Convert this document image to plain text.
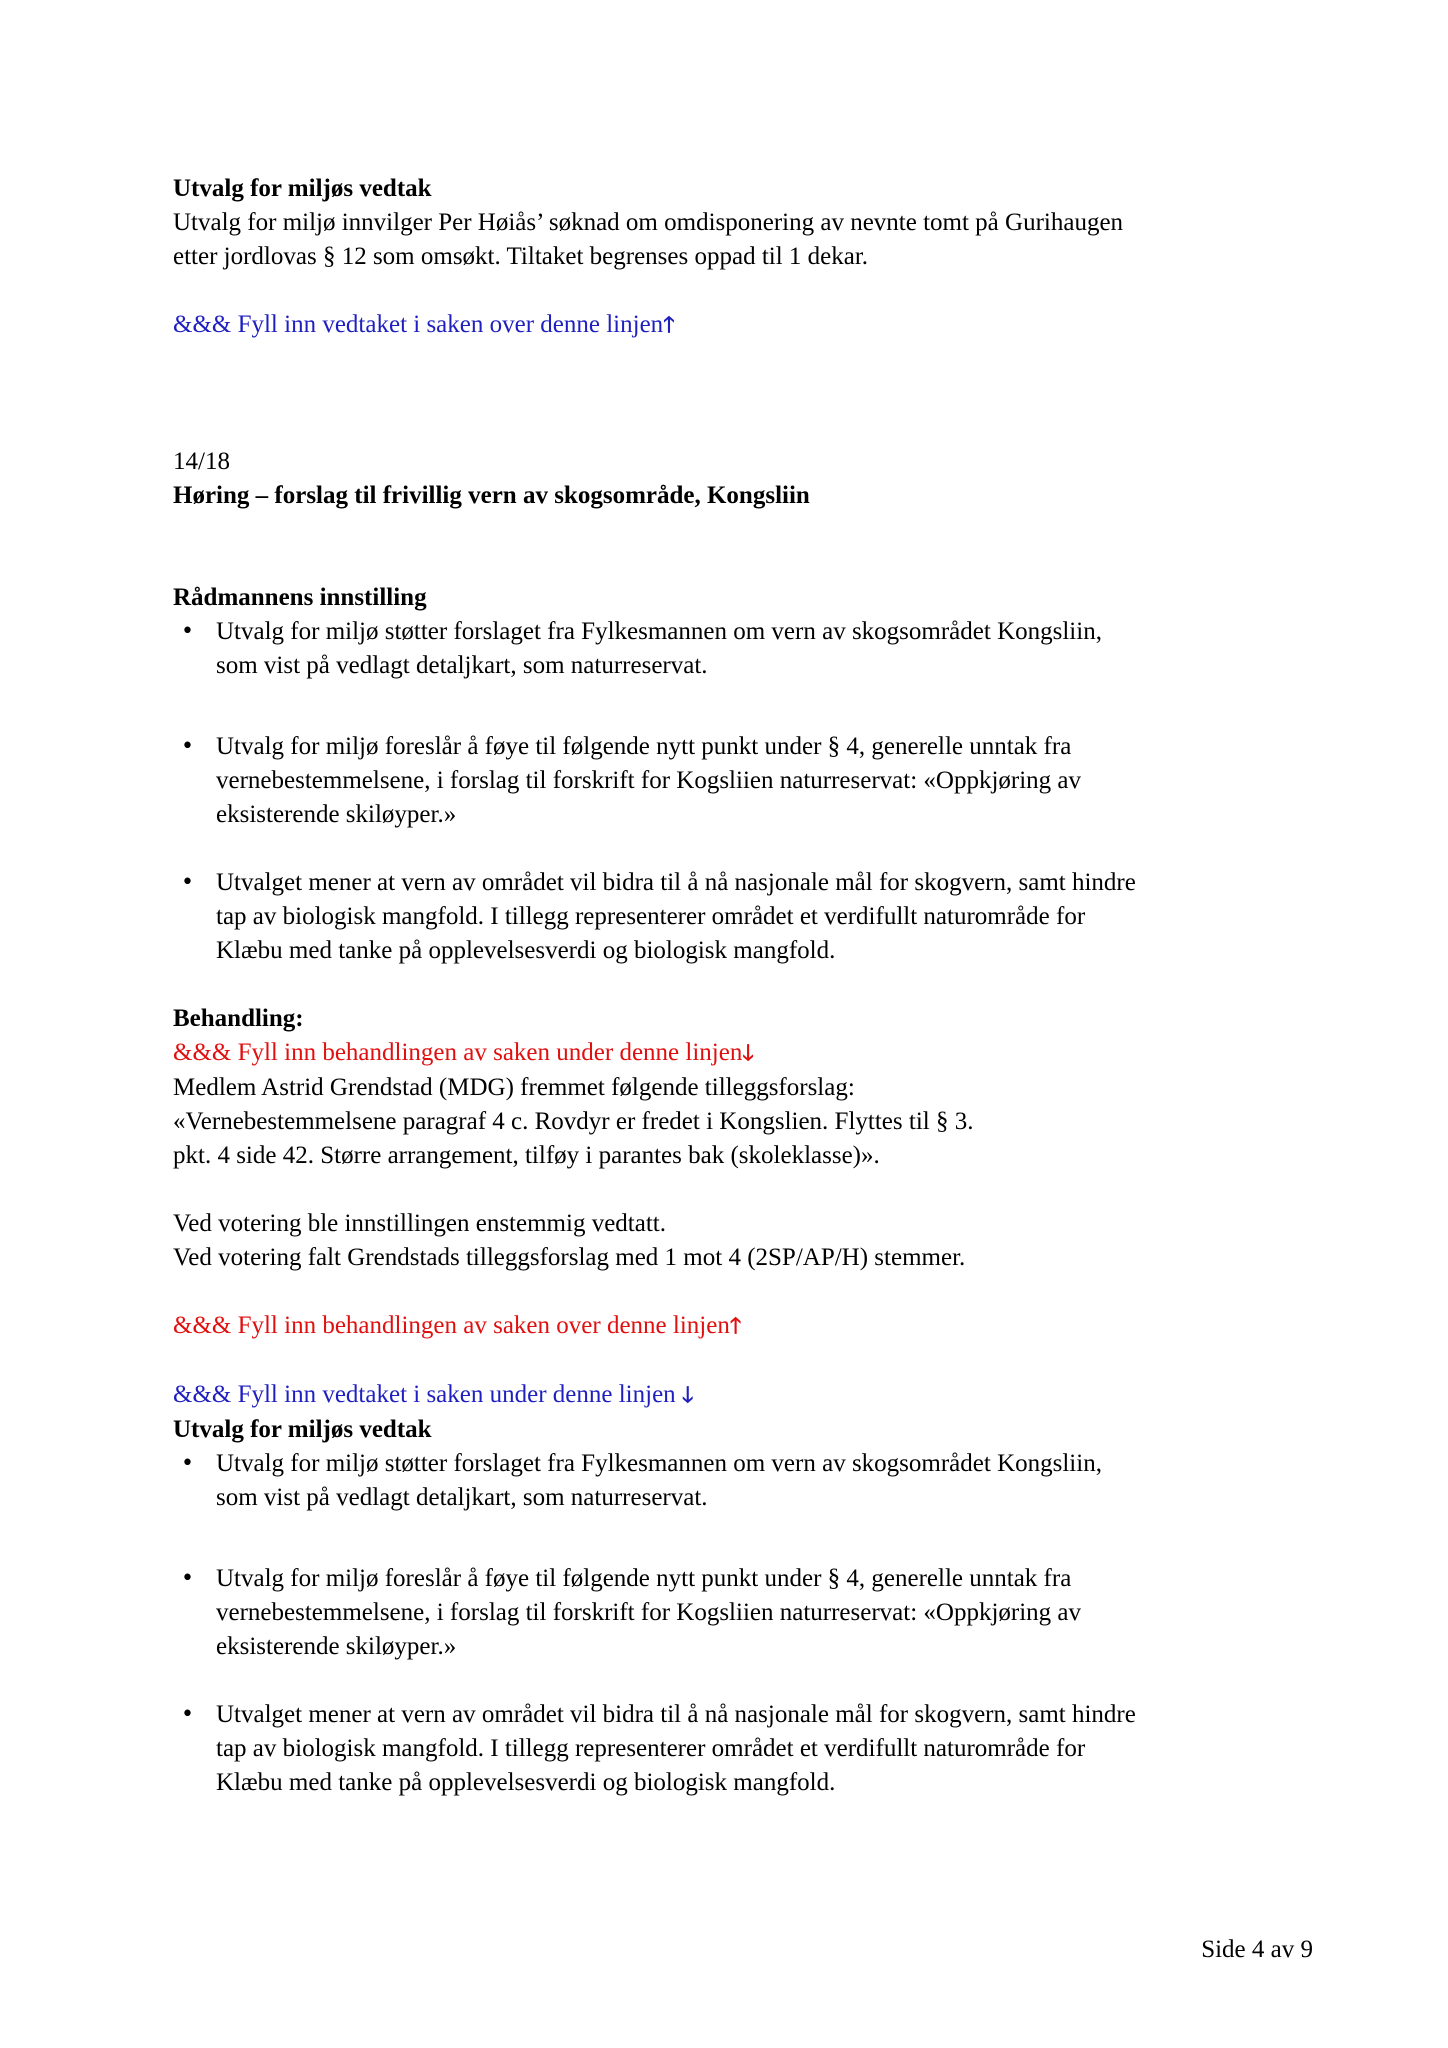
Utvalg for miljøs vedtak

Utvalg for miljø innvilger Per Høiås’ søknad om omdisponering av nevnte tomt på Gurihaugen

etter jordlovas § 12 som omsøkt. Tiltaket begrenses oppad til 1 dekar.

&&& Fyll inn vedtaket i saken over denne linjen🡑

14/18

Høring – forslag til frivillig vern av skogsområde, Kongsliin

Rådmannens innstilling

• Utvalg for miljø støtter forslaget fra Fylkesmannen om vern av skogsområdet Kongsliin,
som vist på vedlagt detaljkart, som naturreservat.
• Utvalg for miljø foreslår å føye til følgende nytt punkt under § 4, generelle unntak fra
vernebestemmelsene, i forslag til forskrift for Kogsliien naturreservat: «Oppkjøring av
eksisterende skiløyper.»
• Utvalget mener at vern av området vil bidra til å nå nasjonale mål for skogvern, samt hindre
tap av biologisk mangfold. I tillegg representerer området et verdifullt naturområde for
Klæbu med tanke på opplevelsesverdi og biologisk mangfold.

Behandling:

&&& Fyll inn behandlingen av saken under denne linjen🡓

Medlem Astrid Grendstad (MDG) fremmet følgende tilleggsforslag:

«Vernebestemmelsene paragraf 4 c. Rovdyr er fredet i Kongslien. Flyttes til § 3.

pkt. 4 side 42. Større arrangement, tilføy i parantes bak (skoleklasse)».

Ved votering ble innstillingen enstemmig vedtatt.

Ved votering falt Grendstads tilleggsforslag med 1 mot 4 (2SP/AP/H) stemmer.

&&& Fyll inn behandlingen av saken over denne linjen🡑

&&& Fyll inn vedtaket i saken under denne linjen 🡓

Utvalg for miljøs vedtak

• Utvalg for miljø støtter forslaget fra Fylkesmannen om vern av skogsområdet Kongsliin,
som vist på vedlagt detaljkart, som naturreservat.
• Utvalg for miljø foreslår å føye til følgende nytt punkt under § 4, generelle unntak fra
vernebestemmelsene, i forslag til forskrift for Kogsliien naturreservat: «Oppkjøring av
eksisterende skiløyper.»
• Utvalget mener at vern av området vil bidra til å nå nasjonale mål for skogvern, samt hindre
tap av biologisk mangfold. I tillegg representerer området et verdifullt naturområde for
Klæbu med tanke på opplevelsesverdi og biologisk mangfold.
Side 4 av 9
